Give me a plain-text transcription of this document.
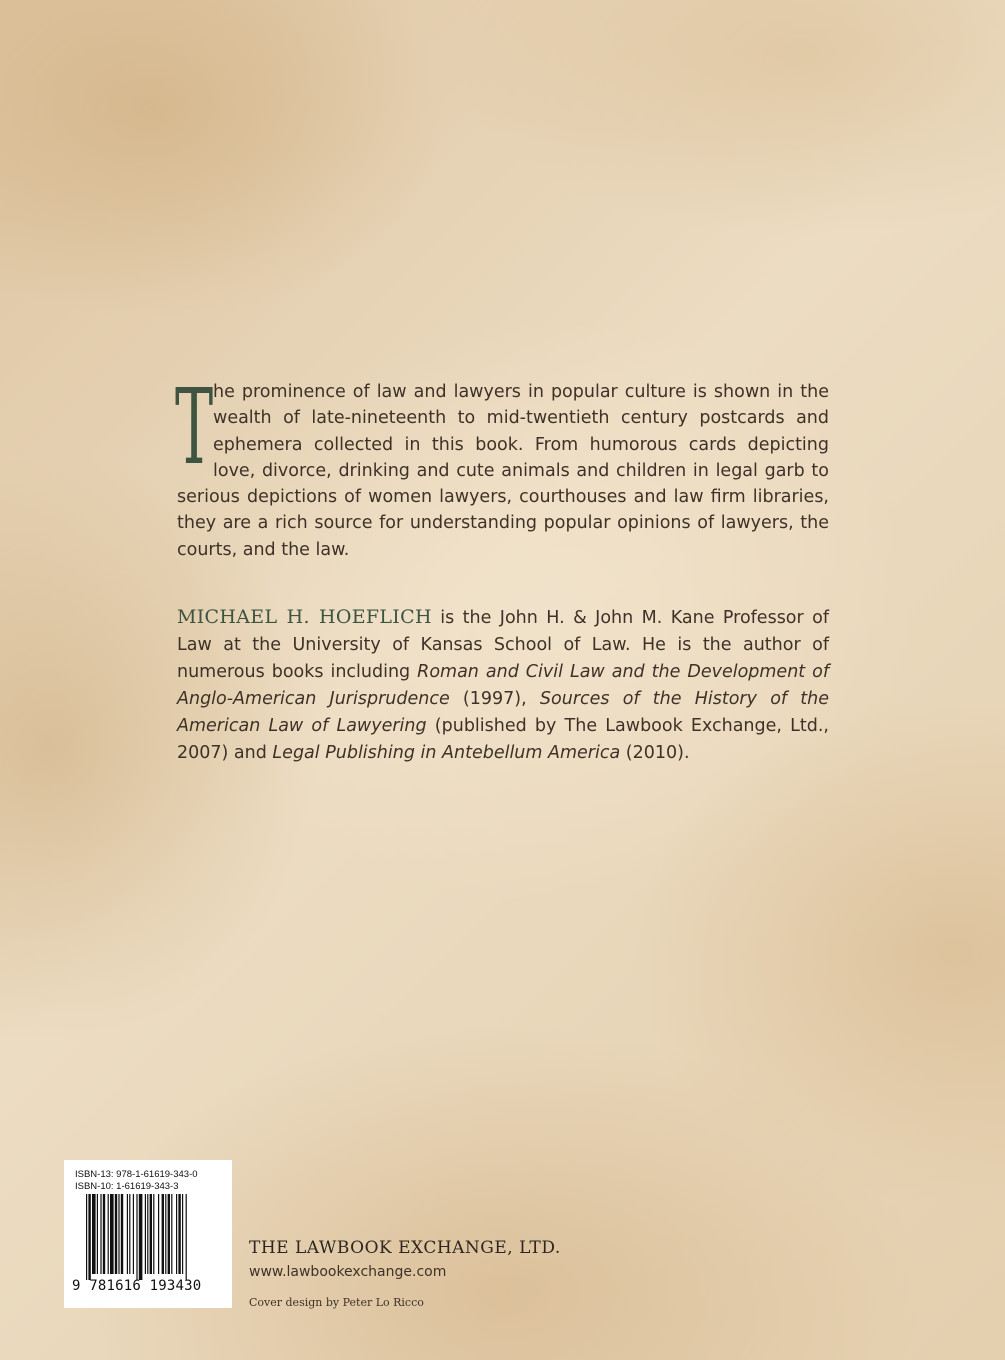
The prominence of law and lawyers in popular culture is shown in the wealth of late-nineteenth to mid-twentieth century postcards and ephemera collected in this book. From humorous cards depicting love, divorce, drinking and cute animals and children in legal garb to serious depictions of women lawyers, courthouses and law firm libraries, they are a rich source for understanding popular opinions of lawyers, the courts, and the law.

MICHAEL H. HOEFLICH is the John H. & John M. Kane Professor of Law at the University of Kansas School of Law. He is the author of numerous books including Roman and Civil Law and the Development of Anglo-American Jurisprudence (1997), Sources of the History of the American Law of Lawyering (published by The Lawbook Exchange, Ltd., 2007) and Legal Publishing in Antebellum America (2010).

ISBN-13: 978-1-61619-343-0
ISBN-10: 1-61619-343-3
9 781616 193430
THE LAWBOOK EXCHANGE, LTD.
www.lawbookexchange.com
Cover design by Peter Lo Ricco
